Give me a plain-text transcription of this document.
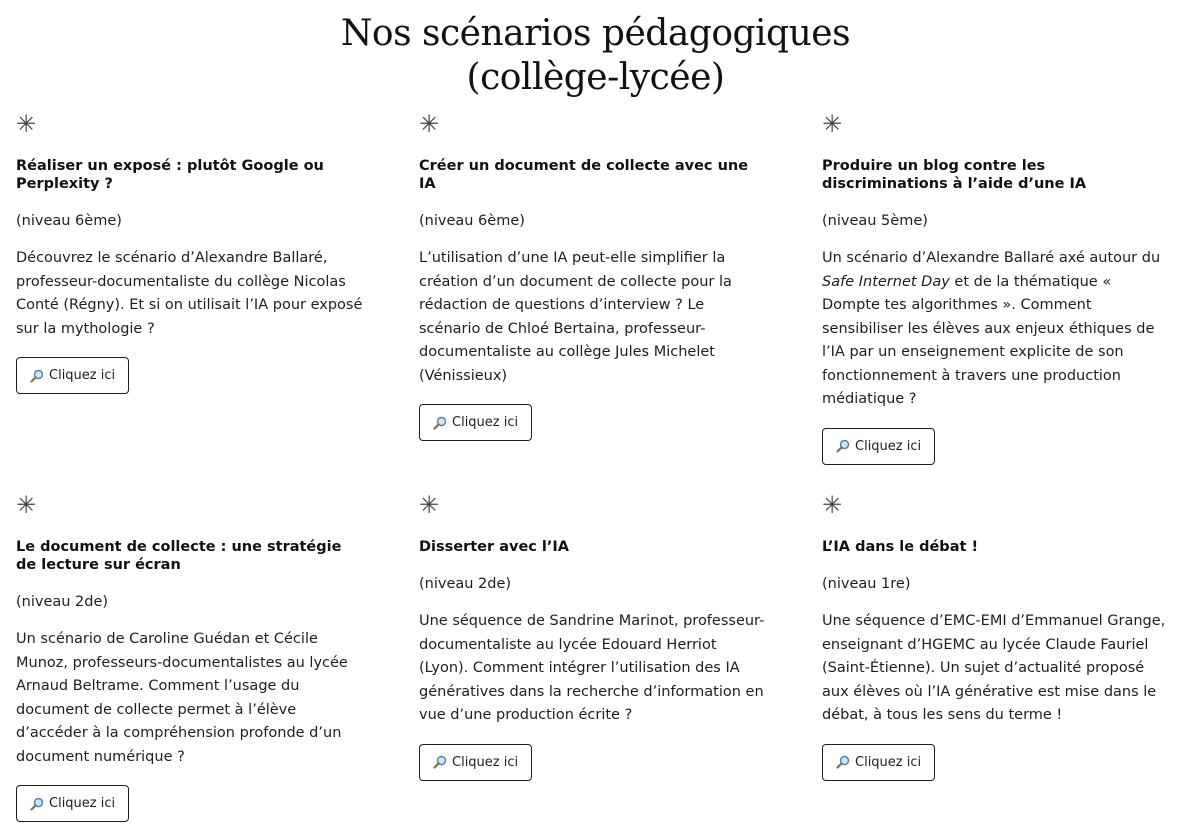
Nos scénarios pédagogiques
(collège-lycée)
✳
Réaliser un exposé : plutôt Google ou Perplexity ?
(niveau 6ème)

Découvrez le scénario d’Alexandre Ballaré, professeur-documentaliste du collège Nicolas Conté (Régny). Et si on utilisait l’IA pour exposé sur la mythologie ?

Cliquez ici
✳
Créer un document de collecte avec une IA
(niveau 6ème)

L’utilisation d’une IA peut-elle simplifier la création d’un document de collecte pour la rédaction de questions d’interview ? Le scénario de Chloé Bertaina, professeur-documentaliste au collège Jules Michelet (Vénissieux)

Cliquez ici
✳
Produire un blog contre les discriminations à l’aide d’une IA
(niveau 5ème)

Un scénario d’Alexandre Ballaré axé autour du Safe Internet Day et de la thématique « Dompte tes algorithmes ». Comment sensibiliser les élèves aux enjeux éthiques de l’IA par un enseignement explicite de son fonctionnement à travers une production médiatique ?

Cliquez ici
✳
Le document de collecte : une stratégie de lecture sur écran
(niveau 2de)

Un scénario de Caroline Guédan et Cécile Munoz, professeurs-documentalistes au lycée Arnaud Beltrame. Comment l’usage du document de collecte permet à l’élève d’accéder à la compréhension profonde d’un document numérique ?

Cliquez ici
✳
Disserter avec l’IA
(niveau 2de)

Une séquence de Sandrine Marinot, professeur-documentaliste au lycée Edouard Herriot (Lyon). Comment intégrer l’utilisation des IA génératives dans la recherche d’information en vue d’une production écrite ?

Cliquez ici
✳
L’IA dans le débat !
(niveau 1re)

Une séquence d’EMC-EMI d’Emmanuel Grange, enseignant d’HGEMC au lycée Claude Fauriel (Saint-Étienne). Un sujet d’actualité proposé aux élèves où l’IA générative est mise dans le débat, à tous les sens du terme !

Cliquez ici
